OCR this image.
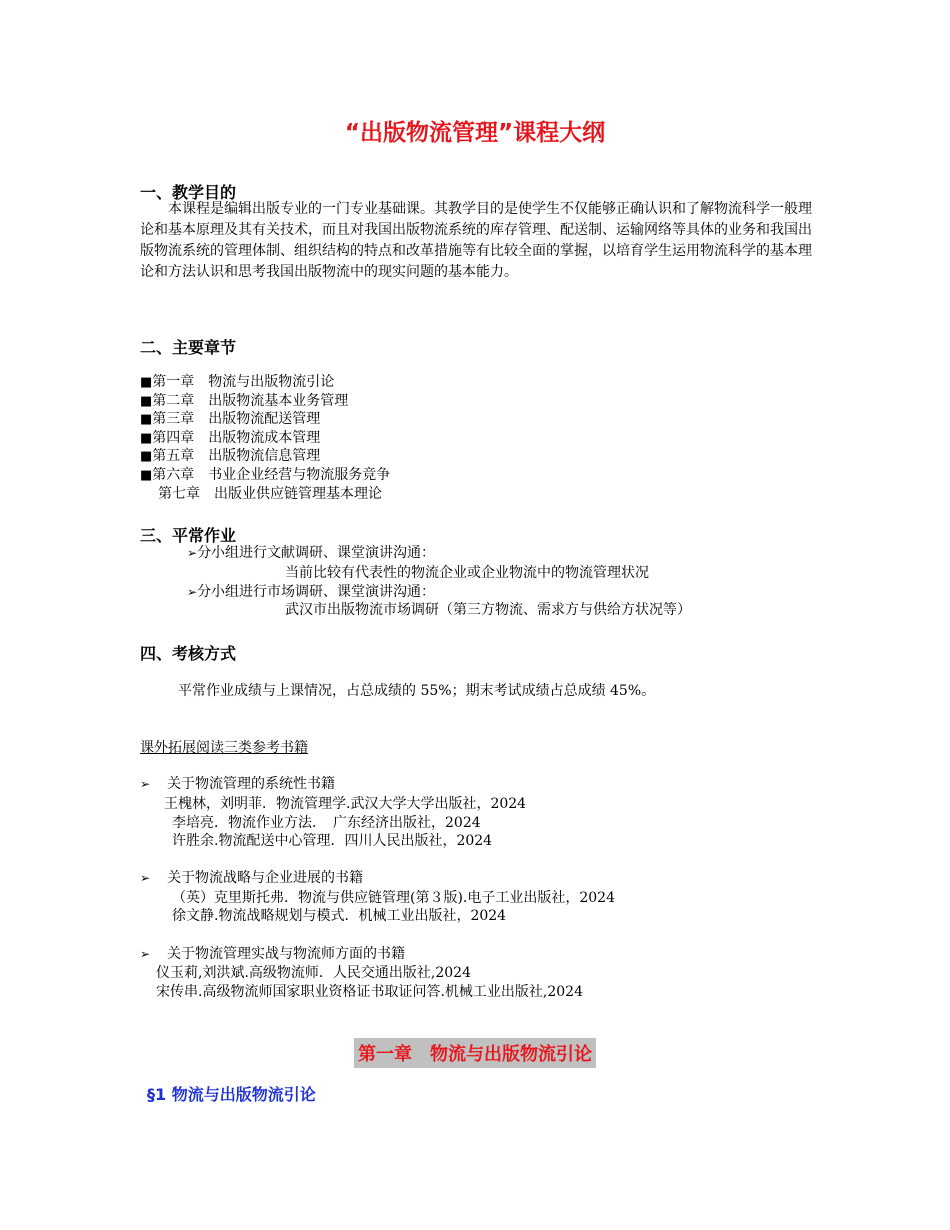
“出版物流管理”课程大纲
一、教学目的
本课程是编辑出版专业的一门专业基础课。其教学目的是使学生不仅能够正确认识和了解物流科学一般理论和基本原理及其有关技术，而且对我国出版物流系统的库存管理、配送制、运输网络等具体的业务和我国出版物流系统的管理体制、组织结构的特点和改革措施等有比较全面的掌握，以培育学生运用物流科学的基本理论和方法认识和思考我国出版物流中的现实问题的基本能力。
二、主要章节
■第一章　物流与出版物流引论
■第二章　出版物流基本业务管理
■第三章　出版物流配送管理
■第四章　出版物流成本管理
■第五章　出版物流信息管理
■第六章　书业企业经营与物流服务竞争
第七章　出版业供应链管理基本理论
三、平常作业
➢分小组进行文献调研、课堂演讲沟通：
当前比较有代表性的物流企业或企业物流中的物流管理状况
➢分小组进行市场调研、课堂演讲沟通：
武汉市出版物流市场调研（第三方物流、需求方与供给方状况等）
四、考核方式
平常作业成绩与上课情况，占总成绩的 55%；期末考试成绩占总成绩 45%。
课外拓展阅读三类参考书籍
➢ 关于物流管理的系统性书籍
王槐林，刘明菲．物流管理学.武汉大学大学出版社，2024
李培亮．物流作业方法．　广东经济出版社，2024
许胜余.物流配送中心管理．四川人民出版社，2024
➢ 关于物流战略与企业进展的书籍
（英）克里斯托弗．物流与供应链管理(第３版).电子工业出版社，2024
徐文静.物流战略规划与模式．机械工业出版社，2024
➢ 关于物流管理实战与物流师方面的书籍
仪玉莉,刘洪斌.高级物流师．人民交通出版社,2024
宋传串.高级物流师国家职业资格证书取证问答.机械工业出版社,2024
第一章　物流与出版物流引论
§1 物流与出版物流引论
